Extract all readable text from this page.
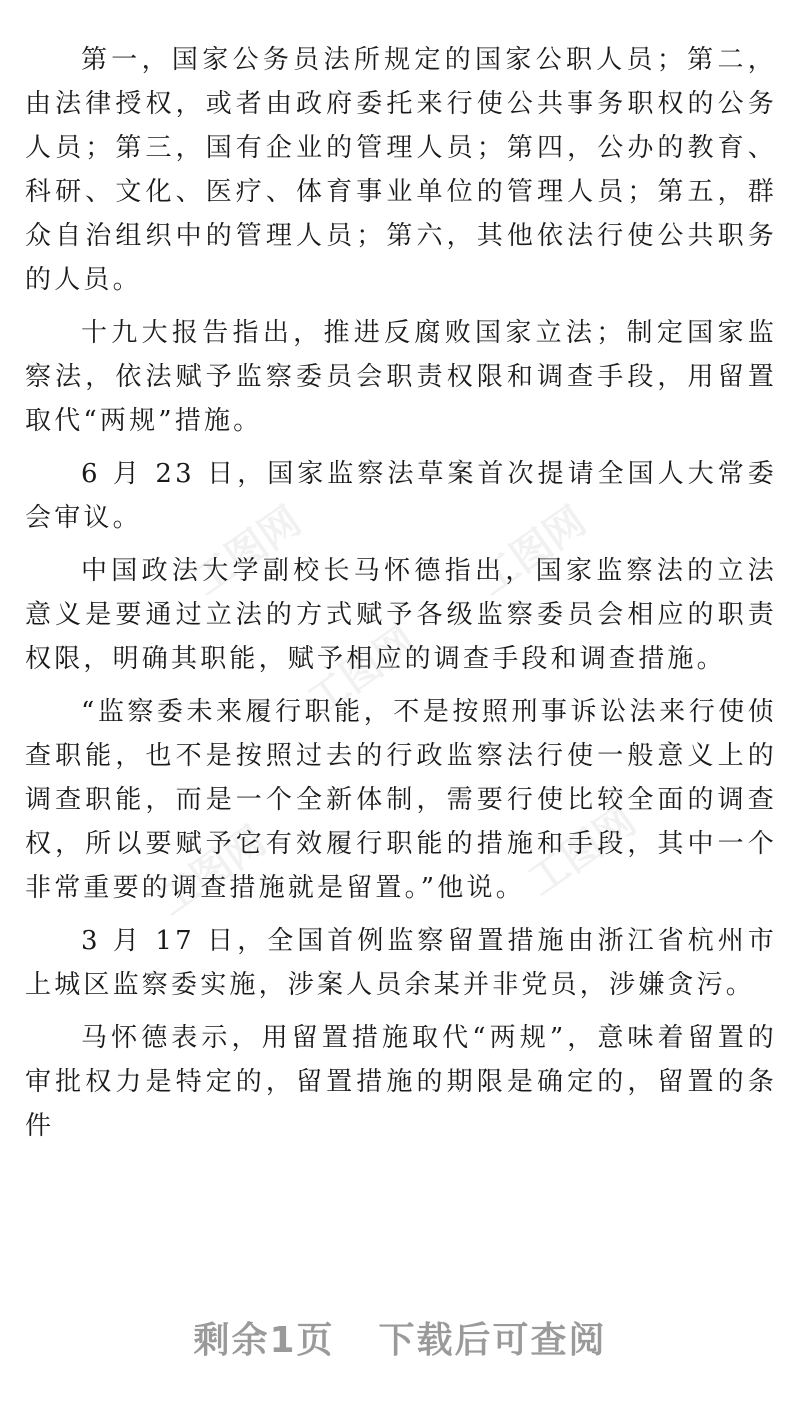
工图网	工图网
工图网
工图网	工图网

第一，国家公务员法所规定的国家公职人员；第二，由法律授权，或者由政府委托来行使公共事务职权的公务人员；第三，国有企业的管理人员；第四，公办的教育、科研、文化、医疗、体育事业单位的管理人员；第五，群众自治组织中的管理人员；第六，其他依法行使公共职务的人员。

十九大报告指出，推进反腐败国家立法；制定国家监察法，依法赋予监察委员会职责权限和调查手段，用留置取代“两规”措施。

6 月 23 日，国家监察法草案首次提请全国人大常委会审议。

中国政法大学副校长马怀德指出，国家监察法的立法意义是要通过立法的方式赋予各级监察委员会相应的职责权限，明确其职能，赋予相应的调查手段和调查措施。

“监察委未来履行职能，不是按照刑事诉讼法来行使侦查职能，也不是按照过去的行政监察法行使一般意义上的调查职能，而是一个全新体制，需要行使比较全面的调查权，所以要赋予它有效履行职能的措施和手段，其中一个非常重要的调查措施就是留置。”他说。

3 月 17 日，全国首例监察留置措施由浙江省杭州市上城区监察委实施，涉案人员余某并非党员，涉嫌贪污。

马怀德表示，用留置措施取代“两规”，意味着留置的审批权力是特定的，留置措施的期限是确定的，留置的条件

剩余1页 下载后可查阅
